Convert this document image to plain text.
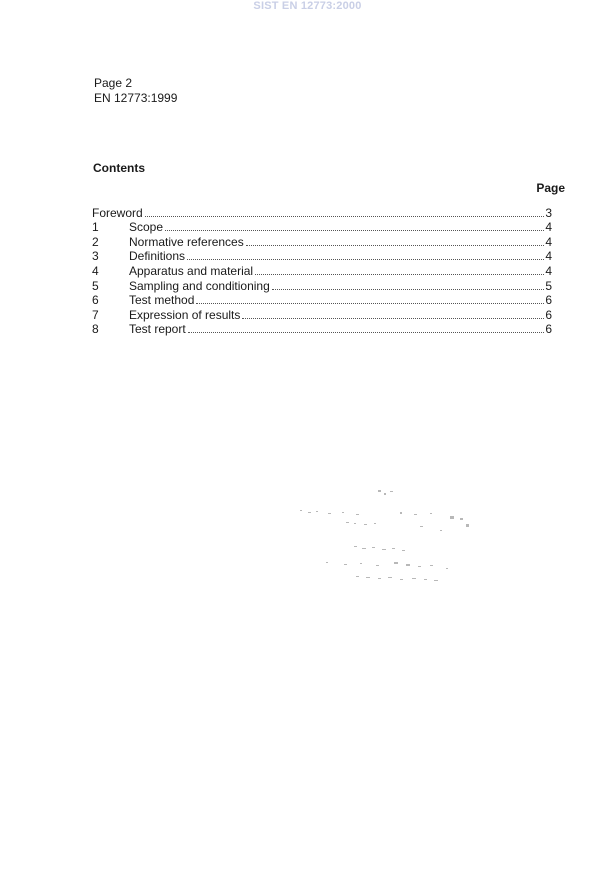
SIST EN 12773:2000
Page 2
EN 12773:1999
Contents
Page
Foreword	3
1	Scope	4
2	Normative references	4
3	Definitions	4
4	Apparatus and material	4
5	Sampling and conditioning	5
6	Test method	6
7	Expression of results	6
8	Test report	6
